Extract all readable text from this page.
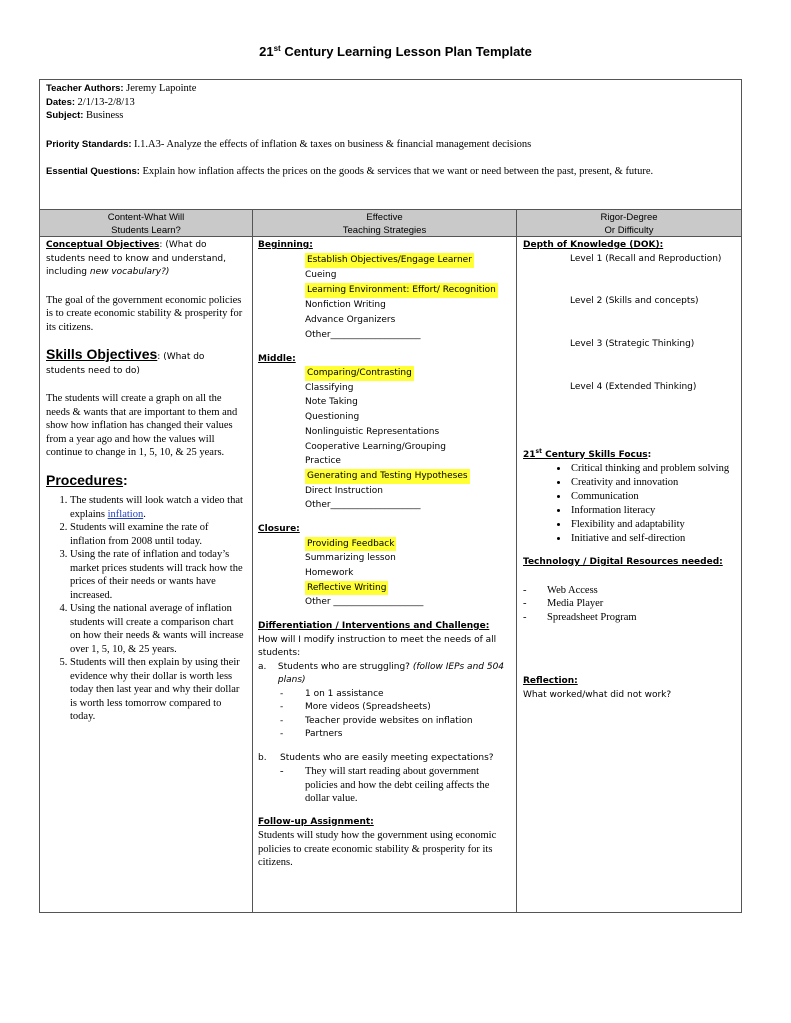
21st Century Learning Lesson Plan Template
Teacher Authors: Jeremy Lapointe
Dates: 2/1/13-2/8/13
Subject: Business
Priority Standards: I.1.A3- Analyze the effects of inflation & taxes on business & financial management decisions
Essential Questions: Explain how inflation affects the prices on the goods & services that we want or need between the past, present, & future.
Content-What Will
Students Learn?
Effective
Teaching Strategies
Rigor-Degree
Or Difficulty
Conceptual Objectives: (What do students need to know and understand, including new vocabulary?)
The goal of the government economic policies is to create economic stability & prosperity for its citizens.
Skills Objectives: (What do students need to do)
The students will create a graph on all the needs & wants that are important to them and show how inflation has changed their values from a year ago and how the values will continue to change in 1, 5, 10, & 25 years.
Procedures:
1. The students will look watch a video that explains inflation.
2. Students will examine the rate of inflation from 2008 until today.
3. Using the rate of inflation and today’s market prices students will track how the prices of their needs or wants have increased.
4. Using the national average of inflation students will create a comparison chart on how their needs & wants will increase over 1, 5, 10, & 25 years.
5. Students will then explain by using their evidence why their dollar is worth less today then last year and why their dollar is worth less tomorrow compared to today.
Beginning:
Establish Objectives/Engage Learner
Cueing
Learning Environment: Effort/ Recognition
Nonfiction Writing
Advance Organizers
Other____________________
Middle:
Comparing/Contrasting
Classifying
Note Taking
Questioning
Nonlinguistic Representations
Cooperative Learning/Grouping
Practice
Generating and Testing Hypotheses
Direct Instruction
Other____________________
Closure:
Providing Feedback
Summarizing lesson
Homework
Reflective Writing
Other ____________________
Differentiation / Interventions and Challenge:
How will I modify instruction to meet the needs of all students:
a.	Students who are struggling? (follow IEPs and 504 plans)
- 1 on 1 assistance
- More videos (Spreadsheets)
- Teacher provide websites on inflation
- Partners
b.	Students who are easily meeting expectations?
- They will start reading about government policies and how the debt ceiling affects the dollar value.
Follow-up Assignment:
Students will study how the government using economic policies to create economic stability & prosperity for its citizens.
Depth of Knowledge (DOK):
Level 1 (Recall and Reproduction)
Level 2 (Skills and concepts)
Level 3 (Strategic Thinking)
Level 4 (Extended Thinking)
21st Century Skills Focus:
• Critical thinking and problem solving
• Creativity and innovation
• Communication
• Information literacy
• Flexibility and adaptability
• Initiative and self-direction
Technology / Digital Resources needed:
- Web Access
- Media Player
- Spreadsheet Program
Reflection:
What worked/what did not work?
